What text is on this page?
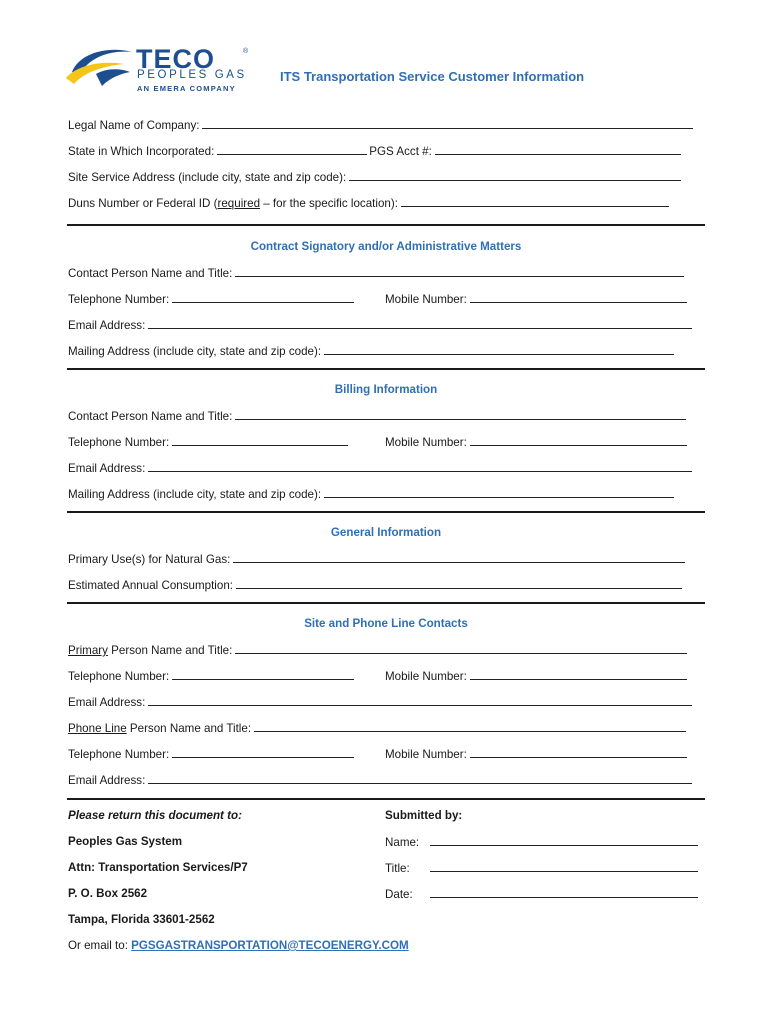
TECO	®
PEOPLES GAS
AN EMERA COMPANY
ITS Transportation Service Customer Information
Legal Name of Company:
State in Which Incorporated:	PGS Acct #:
Site Service Address (include city, state and zip code):
Duns Number or Federal ID (required – for the specific location):
Contract Signatory and/or Administrative Matters
Contact Person Name and Title:
Telephone Number:	Mobile Number:
Email Address:
Mailing Address (include city, state and zip code):
Billing Information
Contact Person Name and Title:
Telephone Number:	Mobile Number:
Email Address:
Mailing Address (include city, state and zip code):
General Information
Primary Use(s) for Natural Gas:
Estimated Annual Consumption:
Site and Phone Line Contacts
Primary Person Name and Title:
Telephone Number:	Mobile Number:
Email Address:
Phone Line Person Name and Title:
Telephone Number:	Mobile Number:
Email Address:
Please return this document to:
Peoples Gas System
Attn: Transportation Services/P7
P. O. Box 2562
Tampa, Florida 33601-2562
Or email to: PGSGASTRANSPORTATION@TECOENERGY.COM
Submitted by:
Name:
Title:
Date:
